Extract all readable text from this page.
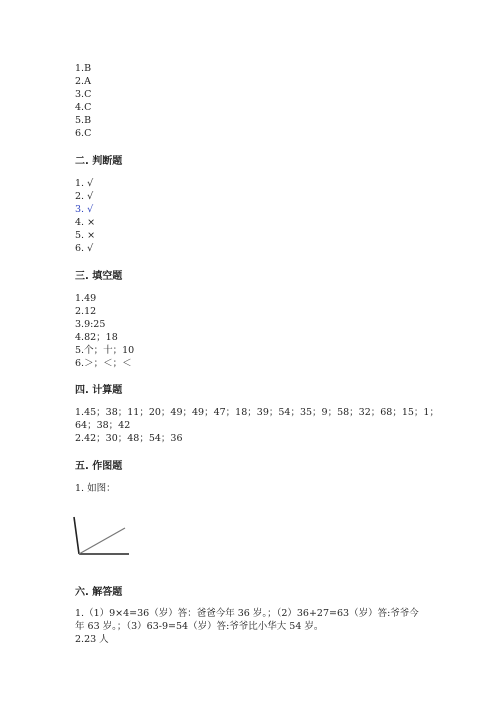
1.B
2.A
3.C
4.C
5.B
6.C
二. 判断题
1. √
2. √
3. √
4. ×
5. ×
6. √
三. 填空题
1.49
2.12
3.9:25
4.82；18
5.个；十；10
6.＞；＜；＜
四. 计算题
1.45；38；11；20；49；49；47；18；39；54；35；9；58；32；68；15；1；
64；38；42
2.42；30；48；54；36
五. 作图题
1. 如图：
六. 解答题
1.（1）9×4=36（岁）答：爸爸今年 36 岁。；（2）36+27=63（岁）答:爷爷今
年 63 岁。；（3）63-9=54（岁）答:爷爷比小华大 54 岁。
2.23 人
